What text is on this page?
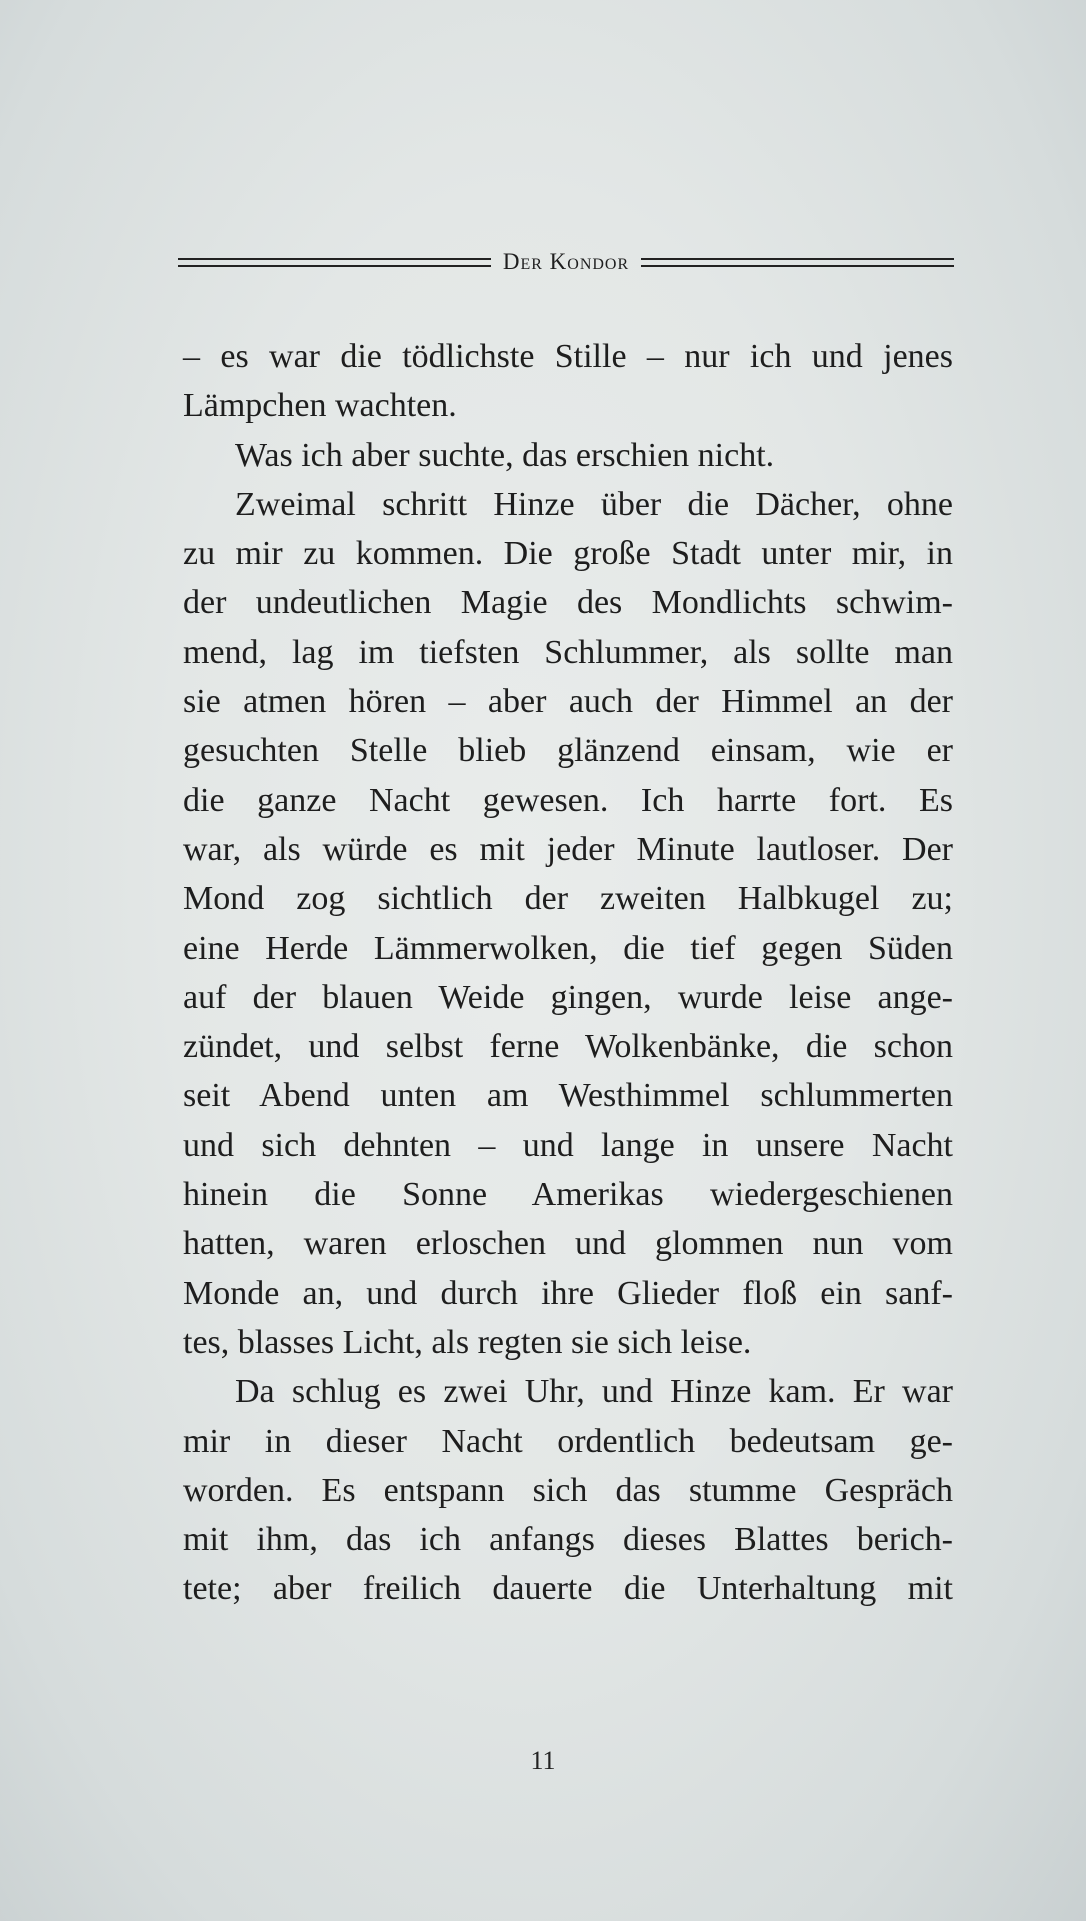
Der Kondor
– es war die tödlichste Stille – nur ich und jenes
Lämpchen wachten.
Was ich aber suchte, das erschien nicht.
Zweimal schritt Hinze über die Dächer, ohne
zu mir zu kommen. Die große Stadt unter mir, in
der undeutlichen Magie des Mondlichts schwim-
mend, lag im tiefsten Schlummer, als sollte man
sie atmen hören – aber auch der Himmel an der
gesuchten Stelle blieb glänzend einsam, wie er
die ganze Nacht gewesen. Ich harrte fort. Es
war, als würde es mit jeder Minute lautloser. Der
Mond zog sichtlich der zweiten Halbkugel zu;
eine Herde Lämmerwolken, die tief gegen Süden
auf der blauen Weide gingen, wurde leise ange-
zündet, und selbst ferne Wolkenbänke, die schon
seit Abend unten am Westhimmel schlummerten
und sich dehnten – und lange in unsere Nacht
hinein die Sonne Amerikas wiedergeschienen
hatten, waren erloschen und glommen nun vom
Monde an, und durch ihre Glieder floß ein sanf-
tes, blasses Licht, als regten sie sich leise.
Da schlug es zwei Uhr, und Hinze kam. Er war
mir in dieser Nacht ordentlich bedeutsam ge-
worden. Es entspann sich das stumme Gespräch
mit ihm, das ich anfangs dieses Blattes berich-
tete; aber freilich dauerte die Unterhaltung mit
11
